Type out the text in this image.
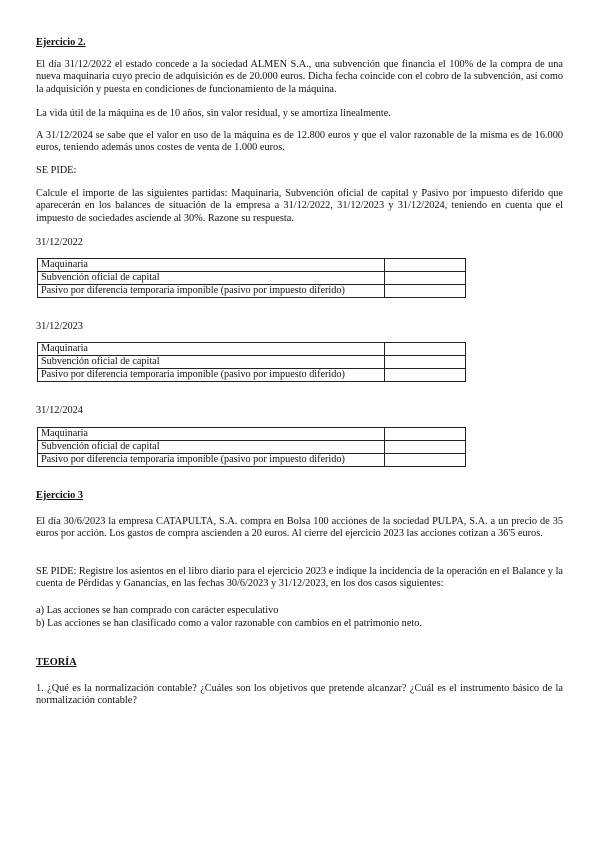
Ejercicio 2.

El día 31/12/2022 el estado concede a la sociedad ALMEN S.A., una subvención que financia el 100% de la compra de una nueva maquinaria cuyo precio de adquisición es de 20.000 euros. Dicha fecha coincide con el cobro de la subvención, así como la adquisición y puesta en condiciones de funcionamiento de la máquina.

La vida útil de la máquina es de 10 años, sin valor residual, y se amortiza linealmente.

A 31/12/2024 se sabe que el valor en uso de la máquina es de 12.800 euros y que el valor razonable de la misma es de 16.000 euros, teniendo además unos costes de venta de 1.000 euros.

SE PIDE:

Calcule el importe de las siguientes partidas: Maquinaria, Subvención oficial de capital y Pasivo por impuesto diferido que aparecerán en los balances de situación de la empresa a 31/12/2022, 31/12/2023 y 31/12/2024, teniendo en cuenta que el impuesto de sociedades asciende al 30%. Razone su respuesta.

31/12/2022
Maquinaria	
Subvención oficial de capital	
Pasivo por diferencia temporaria imponible (pasivo por impuesto diferido)	
31/12/2023
Maquinaria	
Subvención oficial de capital	
Pasivo por diferencia temporaria imponible (pasivo por impuesto diferido)	
31/12/2024
Maquinaria	
Subvención oficial de capital	
Pasivo por diferencia temporaria imponible (pasivo por impuesto diferido)	
Ejercicio 3

El día 30/6/2023 la empresa CATAPULTA, S.A. compra en Bolsa 100 acciones de la sociedad PULPA, S.A. a un precio de 35 euros por acción. Los gastos de compra ascienden a 20 euros. Al cierre del ejercicio 2023 las acciones cotizan a 36'5 euros.

SE PIDE: Registre los asientos en el libro diario para el ejercicio 2023 e indique la incidencia de la operación en el Balance y la cuenta de Pérdidas y Ganancias, en las fechas 30/6/2023 y 31/12/2023, en los dos casos siguientes:

a) Las acciones se han comprado con carácter especulativo
b) Las acciones se han clasificado como a valor razonable con cambios en el patrimonio neto.
TEORÍA

1. ¿Qué es la normalización contable? ¿Cuáles son los objetivos que pretende alcanzar? ¿Cuál es el instrumento básico de la normalización contable?
